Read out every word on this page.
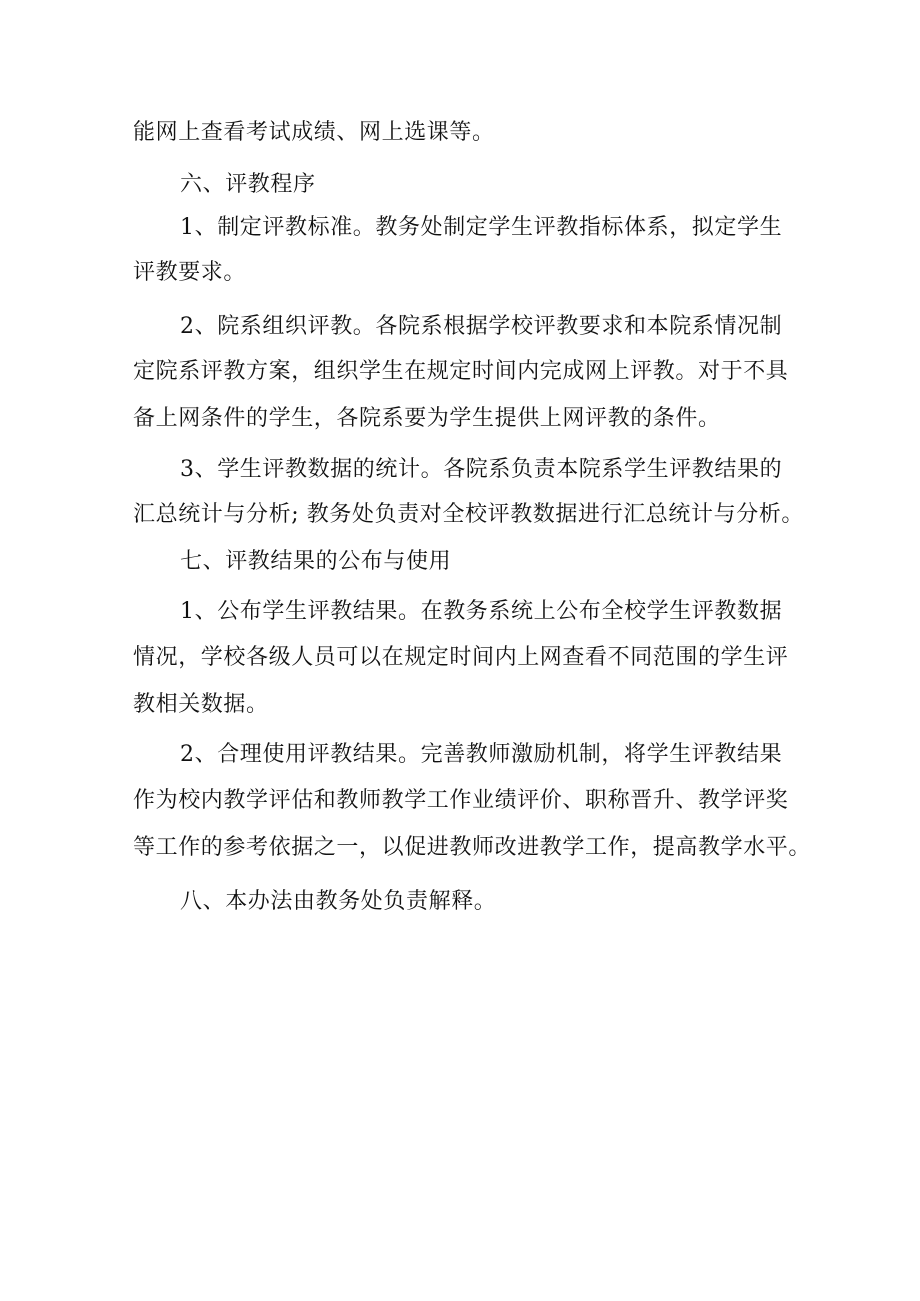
能网上查看考试成绩、网上选课等。
六、评教程序
1、制定评教标准。教务处制定学生评教指标体系，拟定学生
评教要求。
2、院系组织评教。各院系根据学校评教要求和本院系情况制
定院系评教方案，组织学生在规定时间内完成网上评教。对于不具
备上网条件的学生，各院系要为学生提供上网评教的条件。
3、学生评教数据的统计。各院系负责本院系学生评教结果的
汇总统计与分析; 教务处负责对全校评教数据进行汇总统计与分析。
七、评教结果的公布与使用
1、公布学生评教结果。在教务系统上公布全校学生评教数据
情况，学校各级人员可以在规定时间内上网查看不同范围的学生评
教相关数据。
2、合理使用评教结果。完善教师激励机制，将学生评教结果
作为校内教学评估和教师教学工作业绩评价、职称晋升、教学评奖
等工作的参考依据之一，以促进教师改进教学工作，提高教学水平。
八、本办法由教务处负责解释。
